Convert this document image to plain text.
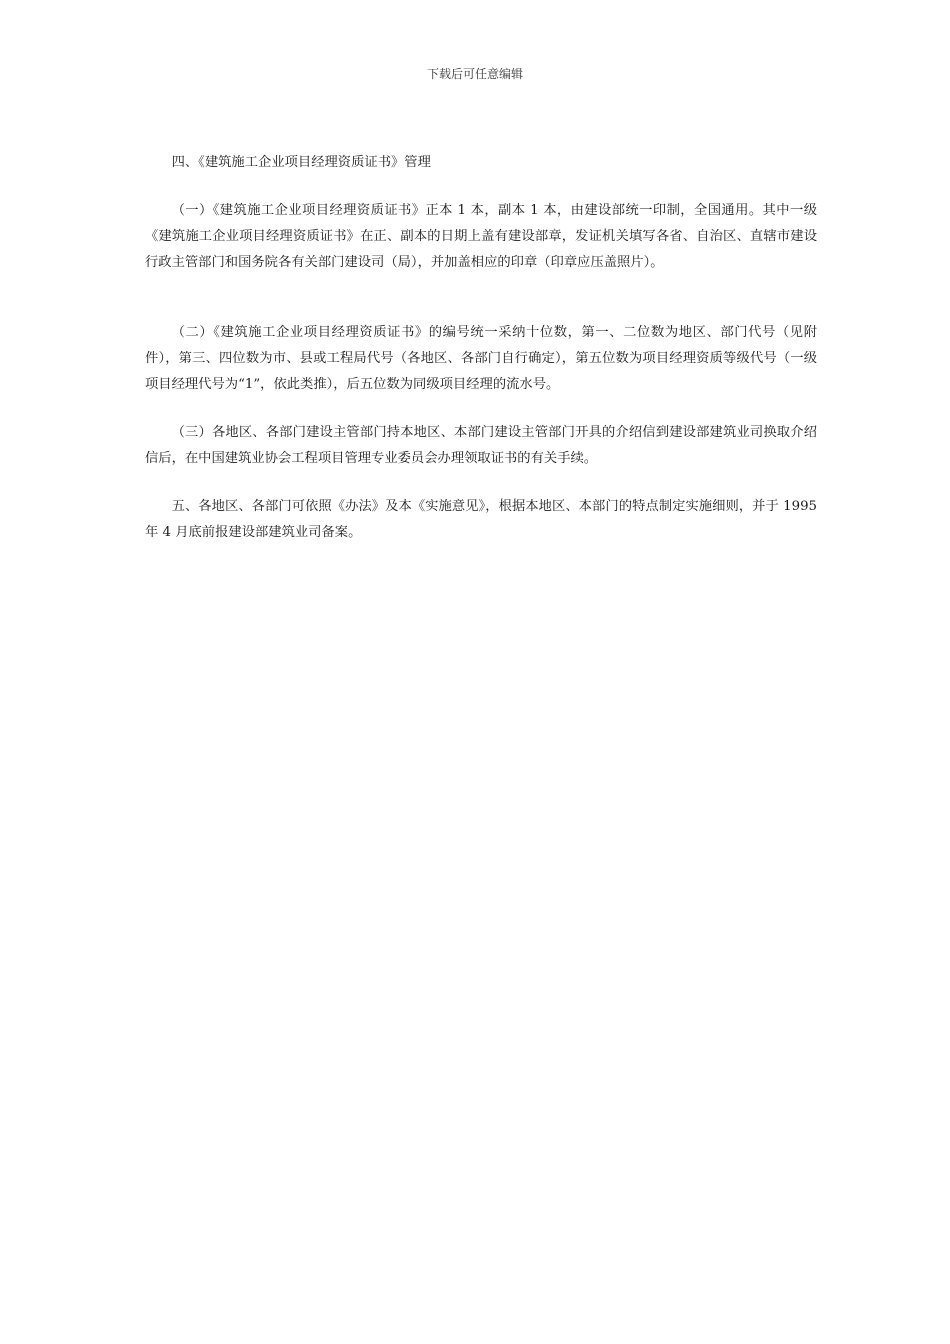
下载后可任意编辑

四、《建筑施工企业项目经理资质证书》管理

（一）《建筑施工企业项目经理资质证书》正本 1 本，副本 1 本，由建设部统一印制，全国通用。其中一级《建筑施工企业项目经理资质证书》在正、副本的日期上盖有建设部章，发证机关填写各省、自治区、直辖市建设行政主管部门和国务院各有关部门建设司（局），并加盖相应的印章（印章应压盖照片）。

（二）《建筑施工企业项目经理资质证书》的编号统一采纳十位数，第一、二位数为地区、部门代号（见附件），第三、四位数为市、县或工程局代号（各地区、各部门自行确定），第五位数为项目经理资质等级代号（一级项目经理代号为“1”，依此类推），后五位数为同级项目经理的流水号。

（三）各地区、各部门建设主管部门持本地区、本部门建设主管部门开具的介绍信到建设部建筑业司换取介绍信后，在中国建筑业协会工程项目管理专业委员会办理领取证书的有关手续。

五、各地区、各部门可依照《办法》及本《实施意见》，根据本地区、本部门的特点制定实施细则，并于 1995 年 4 月底前报建设部建筑业司备案。
